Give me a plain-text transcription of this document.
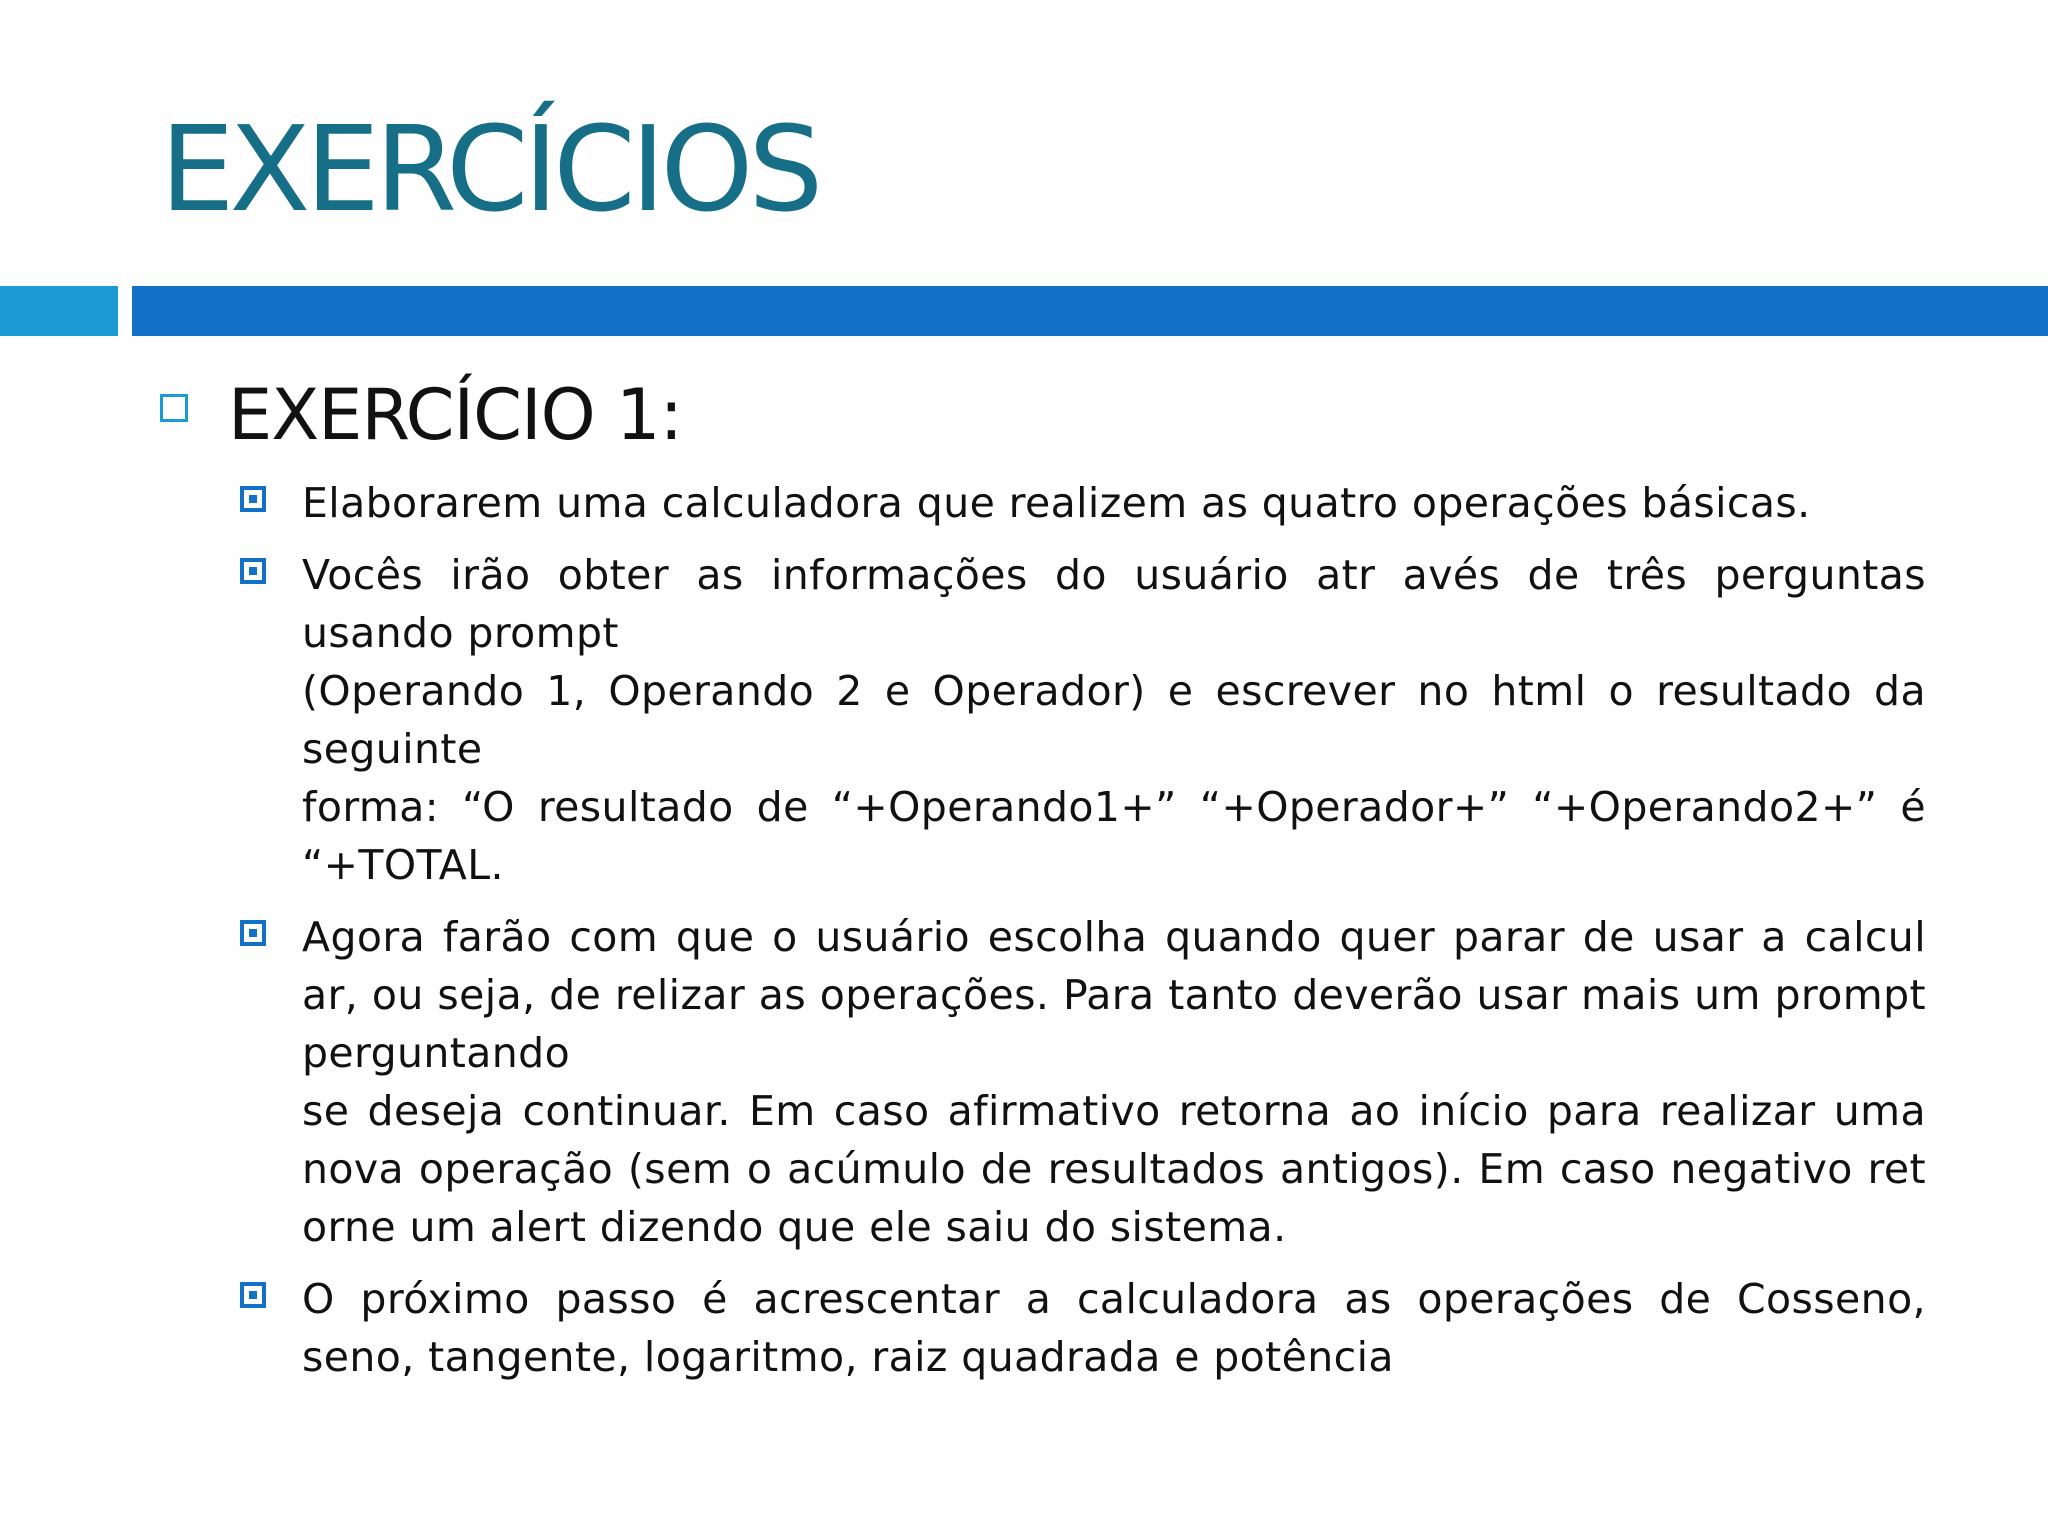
EXERCÍCIOS
EXERCÍCIO 1:
Elaborarem uma calculadora que realizem as quatro operações básicas.
Vocês irão obter as informações do usuário atr avés de três perguntas usando prompt
(Operando 1, Operando 2 e Operador) e escrever no html o resultado da seguinte
forma: “O resultado de “+Operando1+” “+Operador+” “+Operando2+” é “+TOTAL.
Agora farão com que o usuário escolha quando quer parar de usar a calcul ar, ou seja, de relizar as operações. Para tanto deverão usar mais um prompt perguntando
se deseja continuar. Em caso afirmativo retorna ao início para realizar uma nova operação (sem o acúmulo de resultados antigos). Em caso negativo ret orne um alert dizendo que ele saiu do sistema.
O próximo passo é acrescentar a calculadora as operações de Cosseno, seno, tangente, logaritmo, raiz quadrada e potência
